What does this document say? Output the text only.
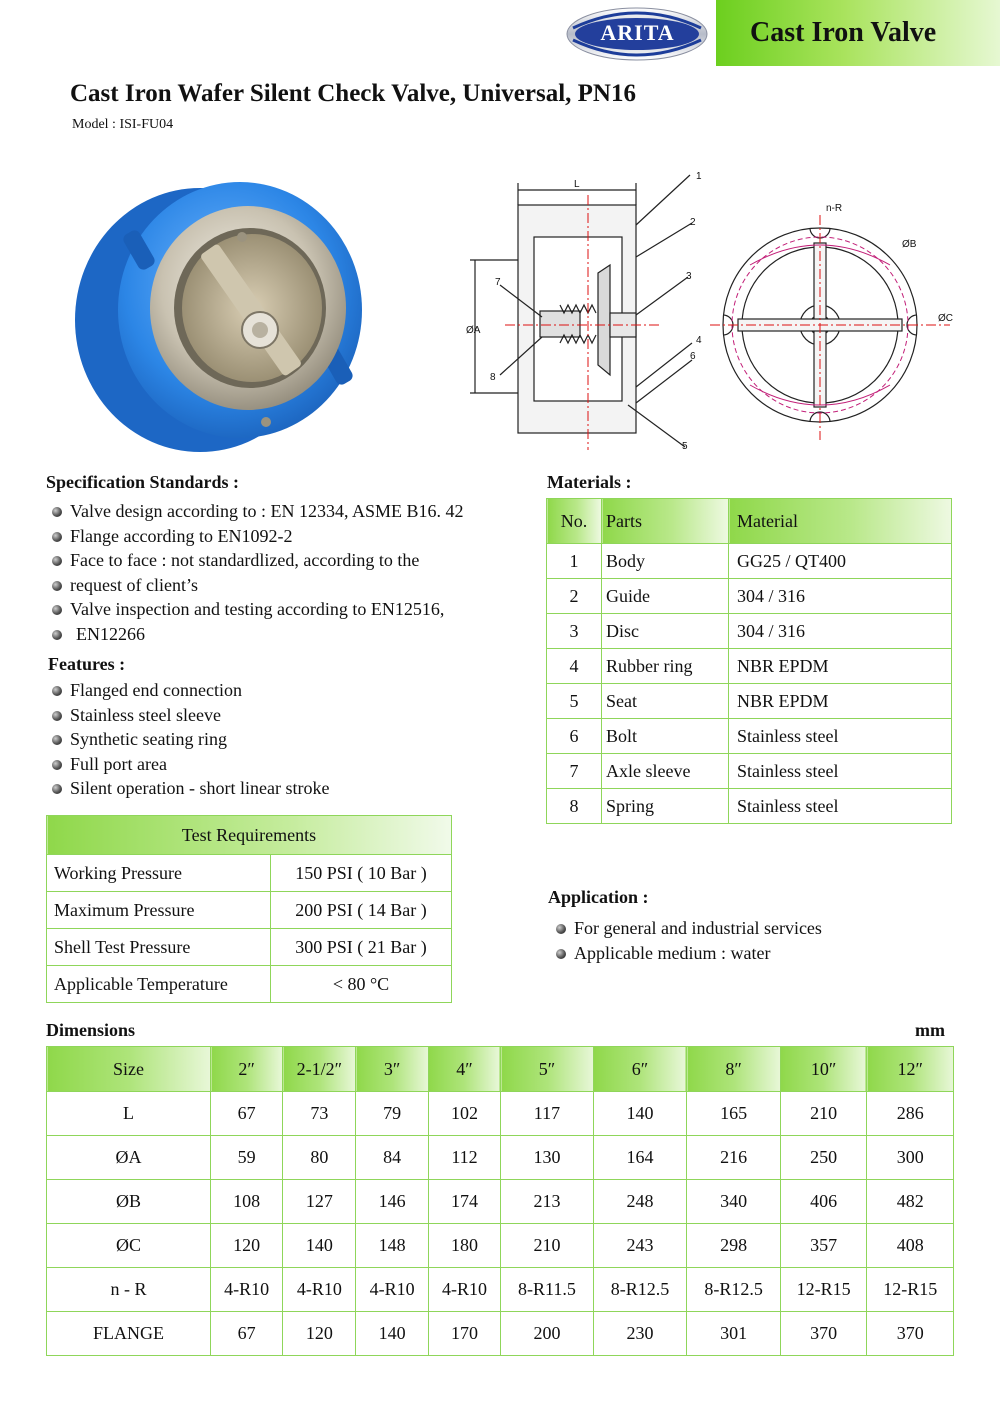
ARITA	Cast Iron Valve
Cast Iron Wafer Silent Check Valve, Universal, PN16
Model : ISI-FU04
1
2
3
4
5
6
7
8
L
ØA
ØB
ØC
n-R
Specification Standards :
Valve design according to : EN 12334, ASME B16. 42
Flange according to EN1092-2
Face to face : not standardlized, according to the
request of client’s
Valve inspection and testing according to EN12516,
EN12266
Features :
Flanged end connection
Stainless steel sleeve
Synthetic seating ring
Full port area
Silent operation - short linear stroke
Materials :
No.	Parts	Material
1	Body	GG25 / QT400
2	Guide	304 / 316
3	Disc	304 / 316
4	Rubber ring	NBR EPDM
5	Seat	NBR EPDM
6	Bolt	Stainless steel
7	Axle sleeve	Stainless steel
8	Spring	Stainless steel
Test Requirements	
Working Pressure	150 PSI ( 10 Bar )
Maximum Pressure	200 PSI ( 14 Bar )
Shell Test Pressure	300 PSI ( 21 Bar )
Applicable Temperature	< 80 °C
Application :
For general and industrial services
Applicable medium : water
Dimensions	mm
Size	2″	2-1/2″	3″	4″	5″	6″	8″	10″	12″
L	67	73	79	102	117	140	165	210	286
ØA	59	80	84	112	130	164	216	250	300
ØB	108	127	146	174	213	248	340	406	482
ØC	120	140	148	180	210	243	298	357	408
n - R	4-R10	4-R10	4-R10	4-R10	8-R11.5	8-R12.5	8-R12.5	12-R15	12-R15
FLANGE	67	120	140	170	200	230	301	370	370
